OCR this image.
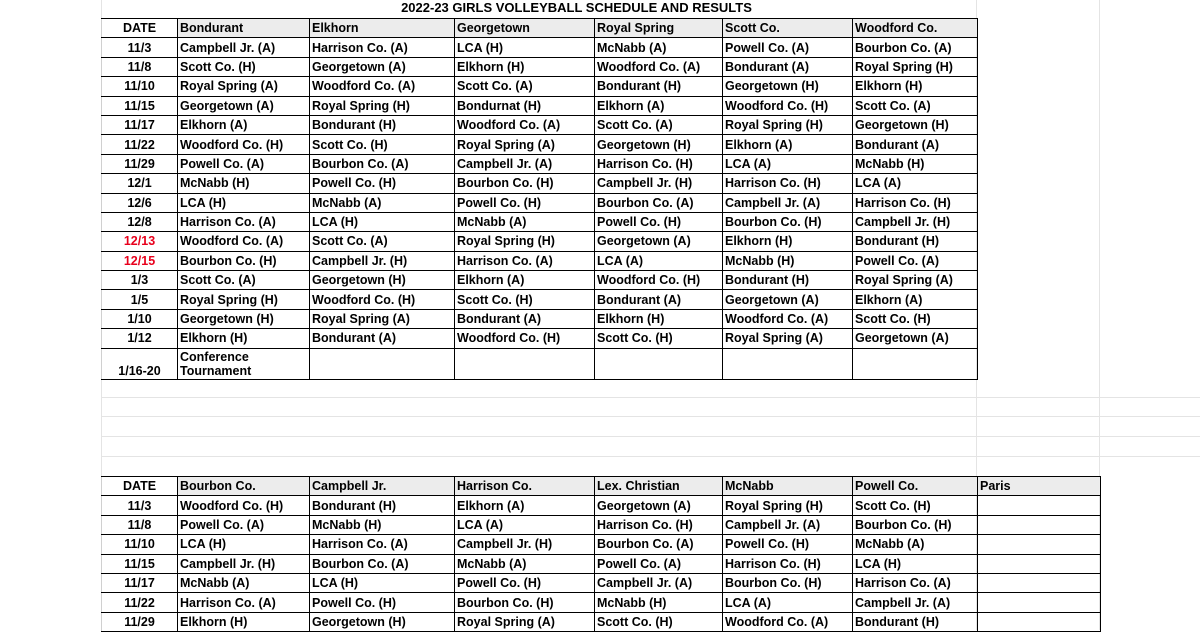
2022-23 GIRLS VOLLEYBALL SCHEDULE AND RESULTS
DATE	Bondurant	Elkhorn	Georgetown	Royal Spring	Scott Co.	Woodford Co.
11/3	Campbell Jr. (A)	Harrison Co. (A)	LCA (H)	McNabb (A)	Powell Co. (A)	Bourbon Co. (A)
11/8	Scott Co. (H)	Georgetown (A)	Elkhorn (H)	Woodford Co. (A)	Bondurant (A)	Royal Spring (H)
11/10	Royal Spring (A)	Woodford Co. (A)	Scott Co. (A)	Bondurant (H)	Georgetown (H)	Elkhorn (H)
11/15	Georgetown (A)	Royal Spring (H)	Bondurnat (H)	Elkhorn (A)	Woodford Co. (H)	Scott Co. (A)
11/17	Elkhorn (A)	Bondurant (H)	Woodford Co. (A)	Scott Co. (A)	Royal Spring (H)	Georgetown (H)
11/22	Woodford Co. (H)	Scott Co. (H)	Royal Spring (A)	Georgetown (H)	Elkhorn (A)	Bondurant (A)
11/29	Powell Co. (A)	Bourbon Co. (A)	Campbell Jr. (A)	Harrison Co. (H)	LCA (A)	McNabb (H)
12/1	McNabb (H)	Powell Co. (H)	Bourbon Co. (H)	Campbell Jr. (H)	Harrison Co. (H)	LCA (A)
12/6	LCA (H)	McNabb (A)	Powell Co. (H)	Bourbon Co. (A)	Campbell Jr. (A)	Harrison Co. (H)
12/8	Harrison Co. (A)	LCA (H)	McNabb (A)	Powell Co. (H)	Bourbon Co. (H)	Campbell Jr. (H)
12/13	Woodford Co. (A)	Scott Co. (A)	Royal Spring (H)	Georgetown (A)	Elkhorn (H)	Bondurant (H)
12/15	Bourbon Co. (H)	Campbell Jr. (H)	Harrison Co. (A)	LCA (A)	McNabb (H)	Powell Co. (A)
1/3	Scott Co. (A)	Georgetown (H)	Elkhorn (A)	Woodford Co. (H)	Bondurant (H)	Royal Spring (A)
1/5	Royal Spring (H)	Woodford Co. (H)	Scott Co. (H)	Bondurant (A)	Georgetown (A)	Elkhorn (A)
1/10	Georgetown (H)	Royal Spring (A)	Bondurant (A)	Elkhorn (H)	Woodford Co. (A)	Scott Co. (H)
1/12	Elkhorn (H)	Bondurant (A)	Woodford Co. (H)	Scott Co. (H)	Royal Spring (A)	Georgetown (A)
1/16-20	Conference Tournament					
DATE	Bourbon Co.	Campbell Jr.	Harrison Co.	Lex. Christian	McNabb	Powell Co.	Paris
11/3	Woodford Co. (H)	Bondurant (H)	Elkhorn (A)	Georgetown (A)	Royal Spring (H)	Scott Co. (H)	
11/8	Powell Co. (A)	McNabb (H)	LCA (A)	Harrison Co. (H)	Campbell Jr. (A)	Bourbon Co. (H)	
11/10	LCA (H)	Harrison Co. (A)	Campbell Jr. (H)	Bourbon Co. (A)	Powell Co. (H)	McNabb (A)	
11/15	Campbell Jr. (H)	Bourbon Co. (A)	McNabb (A)	Powell Co. (A)	Harrison Co. (H)	LCA (H)	
11/17	McNabb (A)	LCA (H)	Powell Co. (H)	Campbell Jr. (A)	Bourbon Co. (H)	Harrison Co. (A)	
11/22	Harrison Co. (A)	Powell Co. (H)	Bourbon Co. (H)	McNabb (H)	LCA (A)	Campbell Jr. (A)	
11/29	Elkhorn (H)	Georgetown (H)	Royal Spring (A)	Scott Co. (H)	Woodford Co. (A)	Bondurant (H)	
